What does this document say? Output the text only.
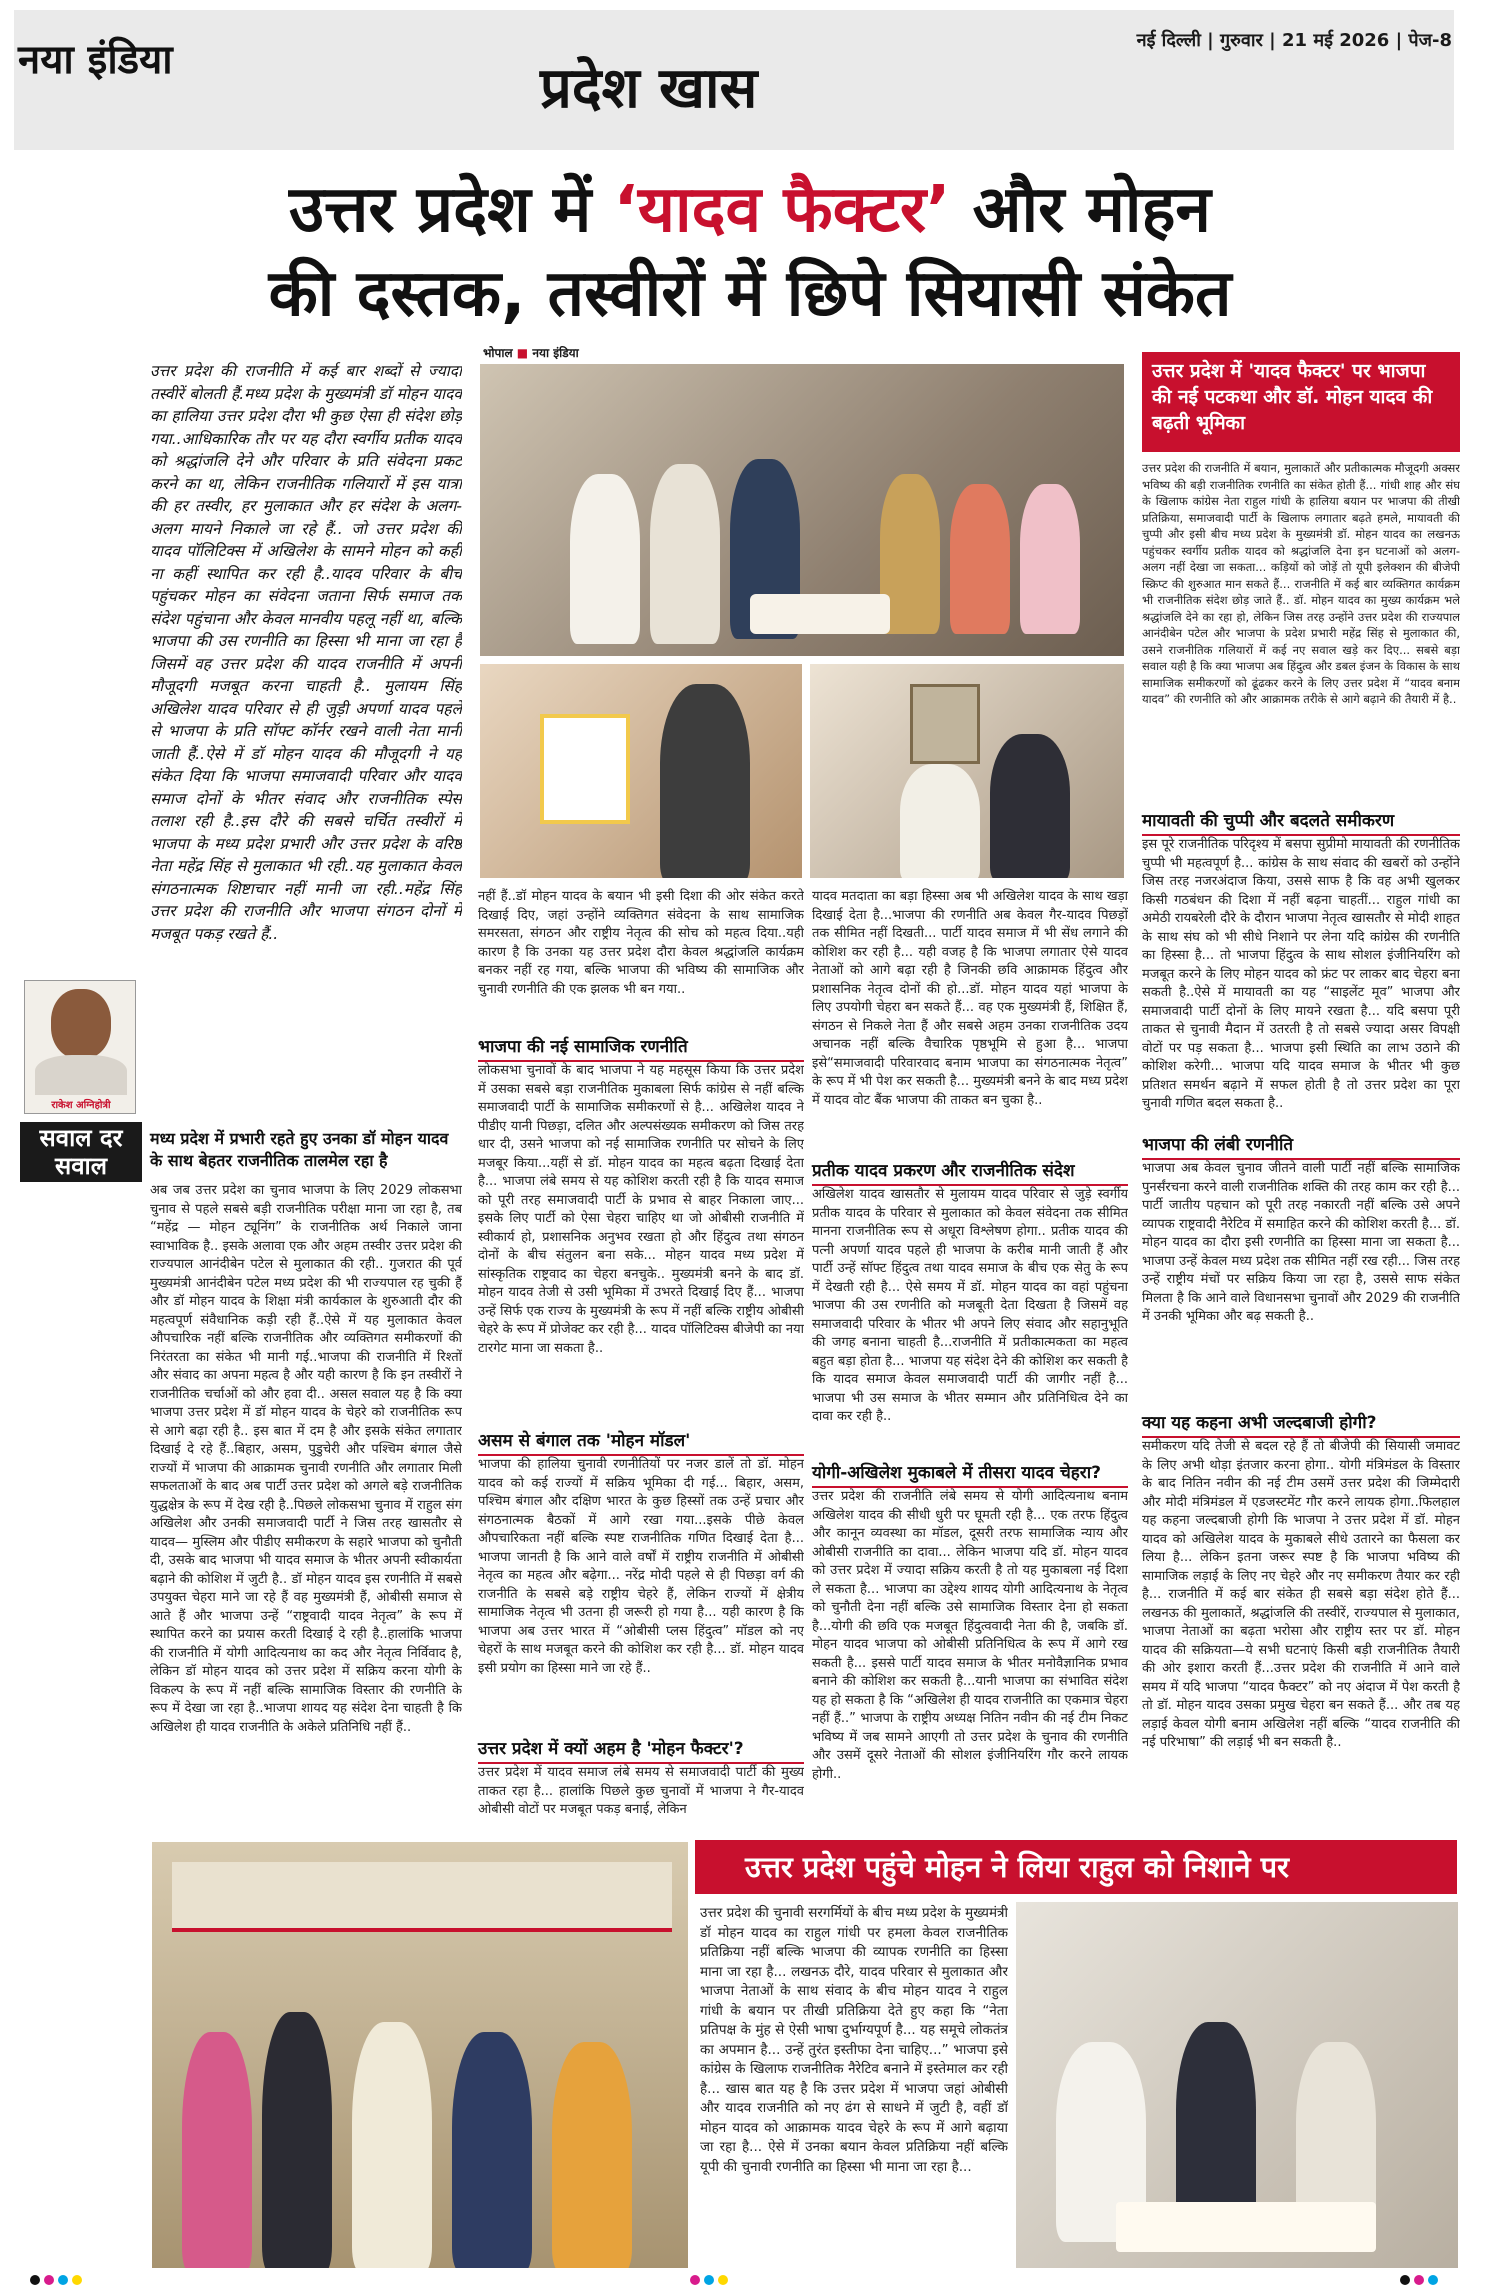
नया इंडिया	नई दिल्ली | गुरुवार | 21 मई 2026 | पेज-8
प्रदेश खास
उत्तर प्रदेश में ‘यादव फैक्टर’ और मोहन
की दस्तक, तस्वीरों में छिपे सियासी संकेत
उत्तर प्रदेश की राजनीति में कई बार शब्दों से ज्यादा तस्वीरें बोलती हैं.मध्य प्रदेश के मुख्यमंत्री डॉ मोहन यादव का हालिया उत्तर प्रदेश दौरा भी कुछ ऐसा ही संदेश छोड़ गया..आधिकारिक तौर पर यह दौरा स्वर्गीय प्रतीक यादव को श्रद्धांजलि देने और परिवार के प्रति संवेदना प्रकट करने का था, लेकिन राजनीतिक गलियारों में इस यात्रा की हर तस्वीर, हर मुलाकात और हर संदेश के अलग-अलग मायने निकाले जा रहे हैं.. जो उत्तर प्रदेश की यादव पॉलिटिक्स में अखिलेश के सामने मोहन को कहीं ना कहीं स्थापित कर रही है..यादव परिवार के बीच पहुंचकर मोहन का संवेदना जताना सिर्फ समाज तक संदेश पहुंचाना और केवल मानवीय पहलू नहीं था, बल्कि भाजपा की उस रणनीति का हिस्सा भी माना जा रहा है जिसमें वह उत्तर प्रदेश की यादव राजनीति में अपनी मौजूदगी मजबूत करना चाहती है.. मुलायम सिंह अखिलेश यादव परिवार से ही जुड़ी अपर्णा यादव पहले से भाजपा के प्रति सॉफ्ट कॉर्नर रखने वाली नेता मानी जाती हैं..ऐसे में डॉ मोहन यादव की मौजूदगी ने यह संकेत दिया कि भाजपा समाजवादी परिवार और यादव समाज दोनों के भीतर संवाद और राजनीतिक स्पेस तलाश रही है..इस दौरे की सबसे चर्चित तस्वीरों में भाजपा के मध्य प्रदेश प्रभारी और उत्तर प्रदेश के वरिष्ठ नेता महेंद्र सिंह से मुलाकात भी रही..यह मुलाकात केवल संगठनात्मक शिष्टाचार नहीं मानी जा रही..महेंद्र सिंह उत्तर प्रदेश की राजनीति और भाजपा संगठन दोनों में मजबूत पकड़ रखते हैं..
राकेश अग्निहोत्री
सवाल दर सवाल
मध्य प्रदेश में प्रभारी रहते हुए उनका डॉ मोहन यादव के साथ बेहतर राजनीतिक तालमेल रहा है
अब जब उत्तर प्रदेश का चुनाव भाजपा के लिए 2029 लोकसभा चुनाव से पहले सबसे बड़ी राजनीतिक परीक्षा माना जा रहा है, तब “महेंद्र — मोहन ट्यूनिंग” के राजनीतिक अर्थ निकाले जाना स्वाभाविक है.. इसके अलावा एक और अहम तस्वीर उत्तर प्रदेश की राज्यपाल आनंदीबेन पटेल से मुलाकात की रही.. गुजरात की पूर्व मुख्यमंत्री आनंदीबेन पटेल मध्य प्रदेश की भी राज्यपाल रह चुकी हैं और डॉ मोहन यादव के शिक्षा मंत्री कार्यकाल के शुरुआती दौर की महत्वपूर्ण संवैधानिक कड़ी रही हैं..ऐसे में यह मुलाकात केवल औपचारिक नहीं बल्कि राजनीतिक और व्यक्तिगत समीकरणों की निरंतरता का संकेत भी मानी गई..भाजपा की राजनीति में रिश्तों और संवाद का अपना महत्व है और यही कारण है कि इन तस्वीरों ने राजनीतिक चर्चाओं को और हवा दी.. असल सवाल यह है कि क्या भाजपा उत्तर प्रदेश में डॉ मोहन यादव के चेहरे को राजनीतिक रूप से आगे बढ़ा रही है.. इस बात में दम है और इसके संकेत लगातार दिखाई दे रहे हैं..बिहार, असम, पुडुचेरी और पश्चिम बंगाल जैसे राज्यों में भाजपा की आक्रामक चुनावी रणनीति और लगातार मिली सफलताओं के बाद अब पार्टी उत्तर प्रदेश को अगले बड़े राजनीतिक युद्धक्षेत्र के रूप में देख रही है..पिछले लोकसभा चुनाव में राहुल संग अखिलेश और उनकी समाजवादी पार्टी ने जिस तरह खासतौर से यादव— मुस्लिम और पीडीए समीकरण के सहारे भाजपा को चुनौती दी, उसके बाद भाजपा भी यादव समाज के भीतर अपनी स्वीकार्यता बढ़ाने की कोशिश में जुटी है.. डॉ मोहन यादव इस रणनीति में सबसे उपयुक्त चेहरा माने जा रहे हैं वह मुख्यमंत्री हैं, ओबीसी समाज से आते हैं और भाजपा उन्हें “राष्ट्रवादी यादव नेतृत्व” के रूप में स्थापित करने का प्रयास करती दिखाई दे रही है..हालांकि भाजपा की राजनीति में योगी आदित्यनाथ का कद और नेतृत्व निर्विवाद है, लेकिन डॉ मोहन यादव को उत्तर प्रदेश में सक्रिय करना योगी के विकल्प के रूप में नहीं बल्कि सामाजिक विस्तार की रणनीति के रूप में देखा जा रहा है..भाजपा शायद यह संदेश देना चाहती है कि अखिलेश ही यादव राजनीति के अकेले प्रतिनिधि नहीं हैं..
भोपाल ■ नया इंडिया
नहीं हैं..डॉ मोहन यादव के बयान भी इसी दिशा की ओर संकेत करते दिखाई दिए, जहां उन्होंने व्यक्तिगत संवेदना के साथ सामाजिक समरसता, संगठन और राष्ट्रीय नेतृत्व की सोच को महत्व दिया..यही कारण है कि उनका यह उत्तर प्रदेश दौरा केवल श्रद्धांजलि कार्यक्रम बनकर नहीं रह गया, बल्कि भाजपा की भविष्य की सामाजिक और चुनावी रणनीति की एक झलक भी बन गया..
भाजपा की नई सामाजिक रणनीति
लोकसभा चुनावों के बाद भाजपा ने यह महसूस किया कि उत्तर प्रदेश में उसका सबसे बड़ा राजनीतिक मुकाबला सिर्फ कांग्रेस से नहीं बल्कि समाजवादी पार्टी के सामाजिक समीकरणों से है... अखिलेश यादव ने पीडीए यानी पिछड़ा, दलित और अल्पसंख्यक समीकरण को जिस तरह धार दी, उसने भाजपा को नई सामाजिक रणनीति पर सोचने के लिए मजबूर किया...यहीं से डॉ. मोहन यादव का महत्व बढ़ता दिखाई देता है... भाजपा लंबे समय से यह कोशिश करती रही है कि यादव समाज को पूरी तरह समाजवादी पार्टी के प्रभाव से बाहर निकाला जाए... इसके लिए पार्टी को ऐसा चेहरा चाहिए था जो ओबीसी राजनीति में स्वीकार्य हो, प्रशासनिक अनुभव रखता हो और हिंदुत्व तथा संगठन दोनों के बीच संतुलन बना सके... मोहन यादव मध्य प्रदेश में सांस्कृतिक राष्ट्रवाद का चेहरा बनचुके.. मुख्यमंत्री बनने के बाद डॉ. मोहन यादव तेजी से उसी भूमिका में उभरते दिखाई दिए हैं... भाजपा उन्हें सिर्फ एक राज्य के मुख्यमंत्री के रूप में नहीं बल्कि राष्ट्रीय ओबीसी चेहरे के रूप में प्रोजेक्ट कर रही है... यादव पॉलिटिक्स बीजेपी का नया टारगेट माना जा सकता है..
असम से बंगाल तक 'मोहन मॉडल'
भाजपा की हालिया चुनावी रणनीतियों पर नजर डालें तो डॉ. मोहन यादव को कई राज्यों में सक्रिय भूमिका दी गई... बिहार, असम, पश्चिम बंगाल और दक्षिण भारत के कुछ हिस्सों तक उन्हें प्रचार और संगठनात्मक बैठकों में आगे रखा गया...इसके पीछे केवल औपचारिकता नहीं बल्कि स्पष्ट राजनीतिक गणित दिखाई देता है... भाजपा जानती है कि आने वाले वर्षों में राष्ट्रीय राजनीति में ओबीसी नेतृत्व का महत्व और बढ़ेगा... नरेंद्र मोदी पहले से ही पिछड़ा वर्ग की राजनीति के सबसे बड़े राष्ट्रीय चेहरे हैं, लेकिन राज्यों में क्षेत्रीय सामाजिक नेतृत्व भी उतना ही जरूरी हो गया है... यही कारण है कि भाजपा अब उत्तर भारत में “ओबीसी प्लस हिंदुत्व” मॉडल को नए चेहरों के साथ मजबूत करने की कोशिश कर रही है... डॉ. मोहन यादव इसी प्रयोग का हिस्सा माने जा रहे हैं..
उत्तर प्रदेश में क्यों अहम है 'मोहन फैक्टर'?
उत्तर प्रदेश में यादव समाज लंबे समय से समाजवादी पार्टी की मुख्य ताकत रहा है... हालांकि पिछले कुछ चुनावों में भाजपा ने गैर-यादव ओबीसी वोटों पर मजबूत पकड़ बनाई, लेकिन
यादव मतदाता का बड़ा हिस्सा अब भी अखिलेश यादव के साथ खड़ा दिखाई देता है...भाजपा की रणनीति अब केवल गैर-यादव पिछड़ों तक सीमित नहीं दिखती... पार्टी यादव समाज में भी सेंध लगाने की कोशिश कर रही है... यही वजह है कि भाजपा लगातार ऐसे यादव नेताओं को आगे बढ़ा रही है जिनकी छवि आक्रामक हिंदुत्व और प्रशासनिक नेतृत्व दोनों की हो...डॉ. मोहन यादव यहां भाजपा के लिए उपयोगी चेहरा बन सकते हैं... वह एक मुख्यमंत्री हैं, शिक्षित हैं, संगठन से निकले नेता हैं और सबसे अहम उनका राजनीतिक उदय अचानक नहीं बल्कि वैचारिक पृष्ठभूमि से हुआ है... भाजपा इसे“समाजवादी परिवारवाद बनाम भाजपा का संगठनात्मक नेतृत्व” के रूप में भी पेश कर सकती है... मुख्यमंत्री बनने के बाद मध्य प्रदेश में यादव वोट बैंक भाजपा की ताकत बन चुका है..
प्रतीक यादव प्रकरण और राजनीतिक संदेश
अखिलेश यादव खासतौर से मुलायम यादव परिवार से जुड़े स्वर्गीय प्रतीक यादव के परिवार से मुलाकात को केवल संवेदना तक सीमित मानना राजनीतिक रूप से अधूरा विश्लेषण होगा.. प्रतीक यादव की पत्नी अपर्णा यादव पहले ही भाजपा के करीब मानी जाती हैं और पार्टी उन्हें सॉफ्ट हिंदुत्व तथा यादव समाज के बीच एक सेतु के रूप में देखती रही है... ऐसे समय में डॉ. मोहन यादव का वहां पहुंचना भाजपा की उस रणनीति को मजबूती देता दिखता है जिसमें वह समाजवादी परिवार के भीतर भी अपने लिए संवाद और सहानुभूति की जगह बनाना चाहती है...राजनीति में प्रतीकात्मकता का महत्व बहुत बड़ा होता है... भाजपा यह संदेश देने की कोशिश कर सकती है कि यादव समाज केवल समाजवादी पार्टी की जागीर नहीं है... भाजपा भी उस समाज के भीतर सम्मान और प्रतिनिधित्व देने का दावा कर रही है..
योगी-अखिलेश मुकाबले में तीसरा यादव चेहरा?
उत्तर प्रदेश की राजनीति लंबे समय से योगी आदित्यनाथ बनाम अखिलेश यादव की सीधी धुरी पर घूमती रही है... एक तरफ हिंदुत्व और कानून व्यवस्था का मॉडल, दूसरी तरफ सामाजिक न्याय और ओबीसी राजनीति का दावा... लेकिन भाजपा यदि डॉ. मोहन यादव को उत्तर प्रदेश में ज्यादा सक्रिय करती है तो यह मुकाबला नई दिशा ले सकता है... भाजपा का उद्देश्य शायद योगी आदित्यनाथ के नेतृत्व को चुनौती देना नहीं बल्कि उसे सामाजिक विस्तार देना हो सकता है...योगी की छवि एक मजबूत हिंदुत्ववादी नेता की है, जबकि डॉ. मोहन यादव भाजपा को ओबीसी प्रतिनिधित्व के रूप में आगे रख सकती है... इससे पार्टी यादव समाज के भीतर मनोवैज्ञानिक प्रभाव बनाने की कोशिश कर सकती है...यानी भाजपा का संभावित संदेश यह हो सकता है कि “अखिलेश ही यादव राजनीति का एकमात्र चेहरा नहीं हैं..” भाजपा के राष्ट्रीय अध्यक्ष नितिन नवीन की नई टीम निकट भविष्य में जब सामने आएगी तो उत्तर प्रदेश के चुनाव की रणनीति और उसमें दूसरे नेताओं की सोशल इंजीनियरिंग गौर करने लायक होगी..
उत्तर प्रदेश में 'यादव फैक्टर' पर भाजपा की नई पटकथा और डॉ. मोहन यादव की बढ़ती भूमिका
उत्तर प्रदेश की राजनीति में बयान, मुलाकातें और प्रतीकात्मक मौजूदगी अक्सर भविष्य की बड़ी राजनीतिक रणनीति का संकेत होती हैं... गांधी शाह और संघ के खिलाफ कांग्रेस नेता राहुल गांधी के हालिया बयान पर भाजपा की तीखी प्रतिक्रिया, समाजवादी पार्टी के खिलाफ लगातार बढ़ते हमले, मायावती की चुप्पी और इसी बीच मध्य प्रदेश के मुख्यमंत्री डॉ. मोहन यादव का लखनऊ पहुंचकर स्वर्गीय प्रतीक यादव को श्रद्धांजलि देना इन घटनाओं को अलग-अलग नहीं देखा जा सकता... कड़ियों को जोड़ें तो यूपी इलेक्शन की बीजेपी स्क्रिप्ट की शुरुआत मान सकते हैं... राजनीति में कई बार व्यक्तिगत कार्यक्रम भी राजनीतिक संदेश छोड़ जाते हैं.. डॉ. मोहन यादव का मुख्य कार्यक्रम भले श्रद्धांजलि देने का रहा हो, लेकिन जिस तरह उन्होंने उत्तर प्रदेश की राज्यपाल आनंदीबेन पटेल और भाजपा के प्रदेश प्रभारी महेंद्र सिंह से मुलाकात की, उसने राजनीतिक गलियारों में कई नए सवाल खड़े कर दिए... सबसे बड़ा सवाल यही है कि क्या भाजपा अब हिंदुत्व और डबल इंजन के विकास के साथ सामाजिक समीकरणों को ढूंढकर करने के लिए उत्तर प्रदेश में “यादव बनाम यादव” की रणनीति को और आक्रामक तरीके से आगे बढ़ाने की तैयारी में है..
मायावती की चुप्पी और बदलते समीकरण
इस पूरे राजनीतिक परिदृश्य में बसपा सुप्रीमो मायावती की रणनीतिक चुप्पी भी महत्वपूर्ण है... कांग्रेस के साथ संवाद की खबरों को उन्होंने जिस तरह नजरअंदाज किया, उससे साफ है कि वह अभी खुलकर किसी गठबंधन की दिशा में नहीं बढ़ना चाहतीं... राहुल गांधी का अमेठी रायबरेली दौरे के दौरान भाजपा नेतृत्व खासतौर से मोदी शाहत के साथ संघ को भी सीधे निशाने पर लेना यदि कांग्रेस की रणनीति का हिस्सा है... तो भाजपा हिंदुत्व के साथ सोशल इंजीनियरिंग को मजबूत करने के लिए मोहन यादव को फ्रंट पर लाकर बाद चेहरा बना सकती है..ऐसे में मायावती का यह “साइलेंट मूव” भाजपा और समाजवादी पार्टी दोनों के लिए मायने रखता है... यदि बसपा पूरी ताकत से चुनावी मैदान में उतरती है तो सबसे ज्यादा असर विपक्षी वोटों पर पड़ सकता है... भाजपा इसी स्थिति का लाभ उठाने की कोशिश करेगी... भाजपा यदि यादव समाज के भीतर भी कुछ प्रतिशत समर्थन बढ़ाने में सफल होती है तो उत्तर प्रदेश का पूरा चुनावी गणित बदल सकता है..
भाजपा की लंबी रणनीति
भाजपा अब केवल चुनाव जीतने वाली पार्टी नहीं बल्कि सामाजिक पुनर्संरचना करने वाली राजनीतिक शक्ति की तरह काम कर रही है... पार्टी जातीय पहचान को पूरी तरह नकारती नहीं बल्कि उसे अपने व्यापक राष्ट्रवादी नैरेटिव में समाहित करने की कोशिश करती है... डॉ. मोहन यादव का दौरा इसी रणनीति का हिस्सा माना जा सकता है... भाजपा उन्हें केवल मध्य प्रदेश तक सीमित नहीं रख रही... जिस तरह उन्हें राष्ट्रीय मंचों पर सक्रिय किया जा रहा है, उससे साफ संकेत मिलता है कि आने वाले विधानसभा चुनावों और 2029 की राजनीति में उनकी भूमिका और बढ़ सकती है..
क्या यह कहना अभी जल्दबाजी होगी?
समीकरण यदि तेजी से बदल रहे हैं तो बीजेपी की सियासी जमावट के लिए अभी थोड़ा इंतजार करना होगा.. योगी मंत्रिमंडल के विस्तार के बाद नितिन नवीन की नई टीम उसमें उत्तर प्रदेश की जिम्मेदारी और मोदी मंत्रिमंडल में एडजस्टमेंट गौर करने लायक होगा..फिलहाल यह कहना जल्दबाजी होगी कि भाजपा ने उत्तर प्रदेश में डॉ. मोहन यादव को अखिलेश यादव के मुकाबले सीधे उतारने का फैसला कर लिया है... लेकिन इतना जरूर स्पष्ट है कि भाजपा भविष्य की सामाजिक लड़ाई के लिए नए चेहरे और नए समीकरण तैयार कर रही है... राजनीति में कई बार संकेत ही सबसे बड़ा संदेश होते हैं... लखनऊ की मुलाकातें, श्रद्धांजलि की तस्वीरें, राज्यपाल से मुलाकात, भाजपा नेताओं का बढ़ता भरोसा और राष्ट्रीय स्तर पर डॉ. मोहन यादव की सक्रियता—ये सभी घटनाएं किसी बड़ी राजनीतिक तैयारी की ओर इशारा करती हैं...उत्तर प्रदेश की राजनीति में आने वाले समय में यदि भाजपा “यादव फैक्टर” को नए अंदाज में पेश करती है तो डॉ. मोहन यादव उसका प्रमुख चेहरा बन सकते हैं... और तब यह लड़ाई केवल योगी बनाम अखिलेश नहीं बल्कि “यादव राजनीति की नई परिभाषा” की लड़ाई भी बन सकती है..
उत्तर प्रदेश पहुंचे मोहन ने लिया राहुल को निशाने पर
उत्तर प्रदेश की चुनावी सरगर्मियों के बीच मध्य प्रदेश के मुख्यमंत्री डॉ मोहन यादव का राहुल गांधी पर हमला केवल राजनीतिक प्रतिक्रिया नहीं बल्कि भाजपा की व्यापक रणनीति का हिस्सा माना जा रहा है... लखनऊ दौरे, यादव परिवार से मुलाकात और भाजपा नेताओं के साथ संवाद के बीच मोहन यादव ने राहुल गांधी के बयान पर तीखी प्रतिक्रिया देते हुए कहा कि “नेता प्रतिपक्ष के मुंह से ऐसी भाषा दुर्भाग्यपूर्ण है... यह समूचे लोकतंत्र का अपमान है... उन्हें तुरंत इस्तीफा देना चाहिए...” भाजपा इसे कांग्रेस के खिलाफ राजनीतिक नैरेटिव बनाने में इस्तेमाल कर रही है... खास बात यह है कि उत्तर प्रदेश में भाजपा जहां ओबीसी और यादव राजनीति को नए ढंग से साधने में जुटी है, वहीं डॉ मोहन यादव को आक्रामक यादव चेहरे के रूप में आगे बढ़ाया जा रहा है... ऐसे में उनका बयान केवल प्रतिक्रिया नहीं बल्कि यूपी की चुनावी रणनीति का हिस्सा भी माना जा रहा है...
